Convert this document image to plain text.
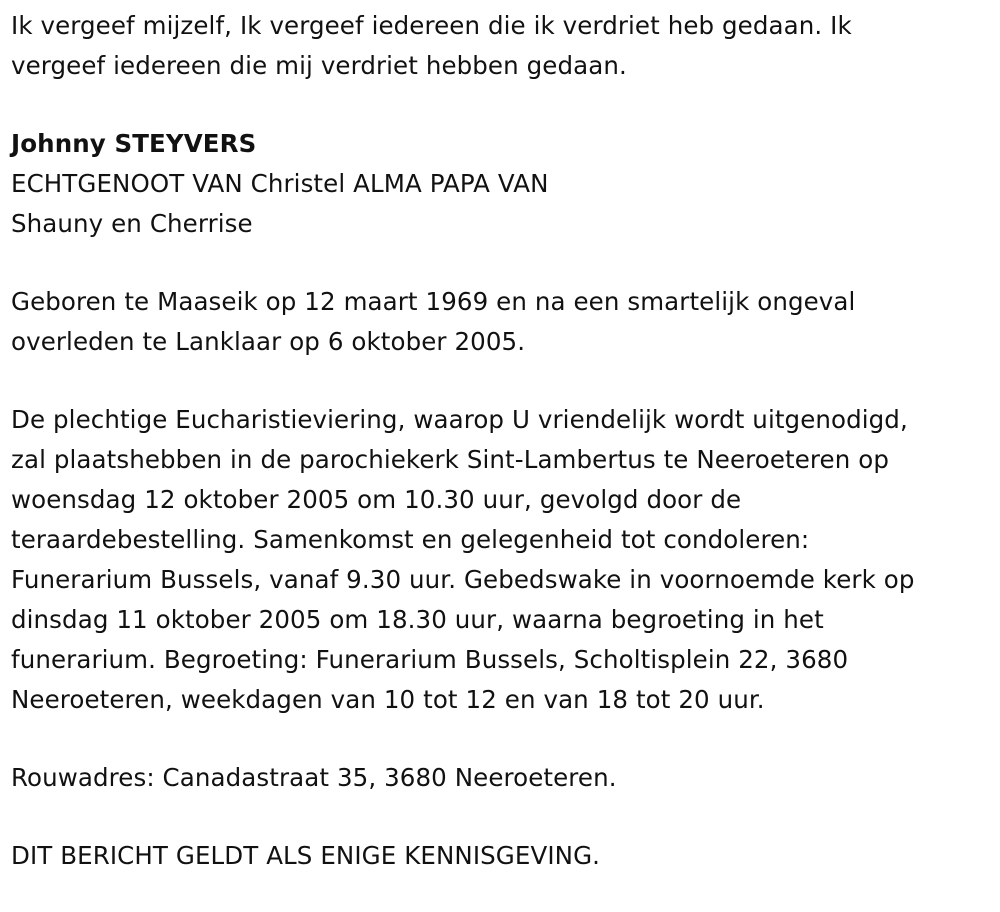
Ik vergeef mijzelf, Ik vergeef iedereen die ik verdriet heb gedaan. Ik
vergeef iedereen die mij verdriet hebben gedaan.

Johnny STEYVERS

ECHTGENOOT VAN Christel ALMA PAPA VAN

Shauny en Cherrise

Geboren te Maaseik op 12 maart 1969 en na een smartelijk ongeval
overleden te Lanklaar op 6 oktober 2005.

De plechtige Eucharistieviering, waarop U vriendelijk wordt uitgenodigd,
zal plaatshebben in de parochiekerk Sint-Lambertus te Neeroeteren op
woensdag 12 oktober 2005 om 10.30 uur, gevolgd door de
teraardebestelling. Samenkomst en gelegenheid tot condoleren:
Funerarium Bussels, vanaf 9.30 uur. Gebedswake in voornoemde kerk op
dinsdag 11 oktober 2005 om 18.30 uur, waarna begroeting in het
funerarium. Begroeting: Funerarium Bussels, Scholtisplein 22, 3680
Neeroeteren, weekdagen van 10 tot 12 en van 18 tot 20 uur.

Rouwadres: Canadastraat 35, 3680 Neeroeteren.

DIT BERICHT GELDT ALS ENIGE KENNISGEVING.
